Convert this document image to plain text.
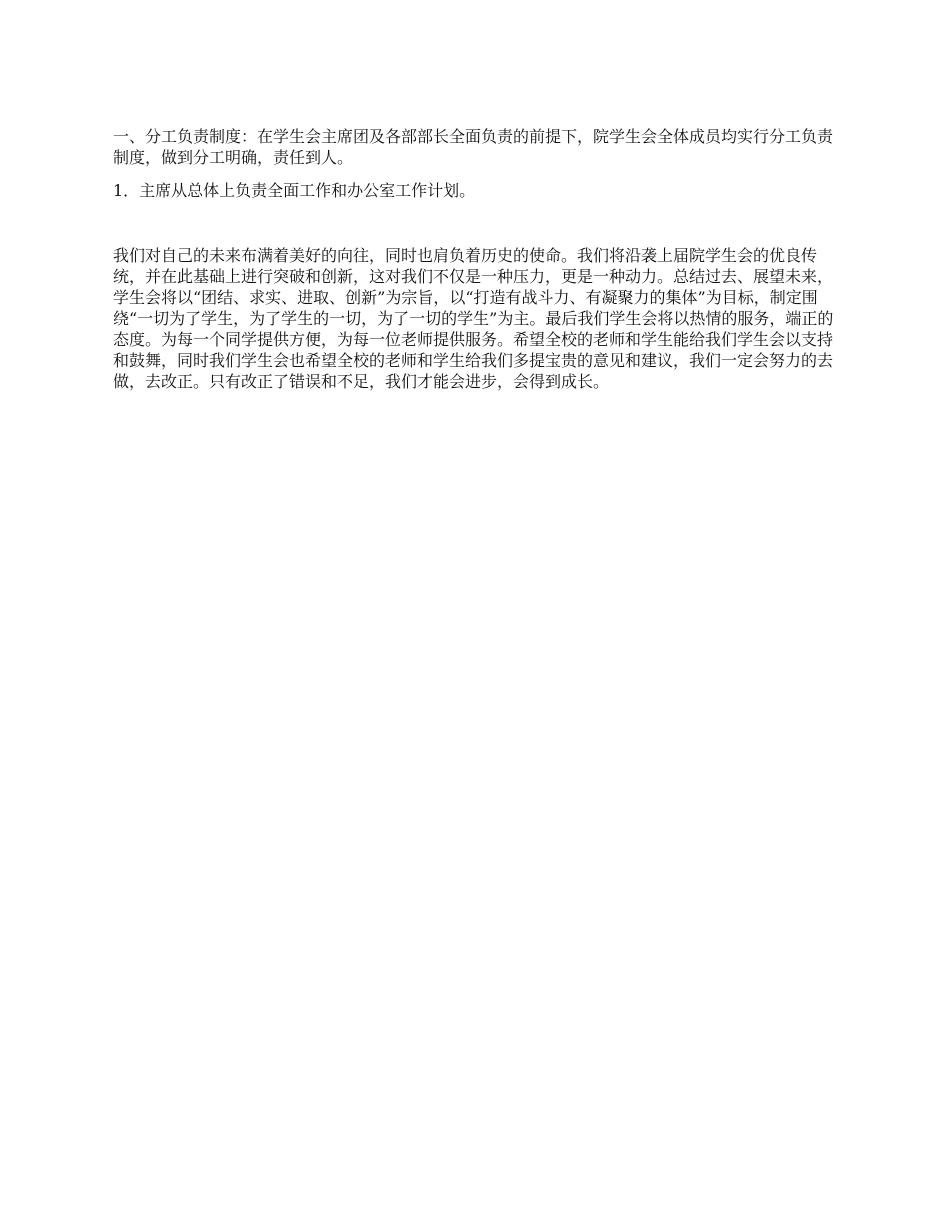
一、分工负责制度：在学生会主席团及各部部长全面负责的前提下，院学生会全体成员均实行分工负责制度，做到分工明确，责任到人。

1．主席从总体上负责全面工作和办公室工作计划。

我们对自己的未来布满着美好的向往，同时也肩负着历史的使命。我们将沿袭上届院学生会的优良传统，并在此基础上进行突破和创新，这对我们不仅是一种压力，更是一种动力。总结过去、展望未来，学生会将以“团结、求实、进取、创新”为宗旨，以“打造有战斗力、有凝聚力的集体”为目标，制定围绕“一切为了学生，为了学生的一切，为了一切的学生”为主。最后我们学生会将以热情的服务，端正的态度。为每一个同学提供方便，为每一位老师提供服务。希望全校的老师和学生能给我们学生会以支持和鼓舞，同时我们学生会也希望全校的老师和学生给我们多提宝贵的意见和建议，我们一定会努力的去做，去改正。只有改正了错误和不足，我们才能会进步，会得到成长。
